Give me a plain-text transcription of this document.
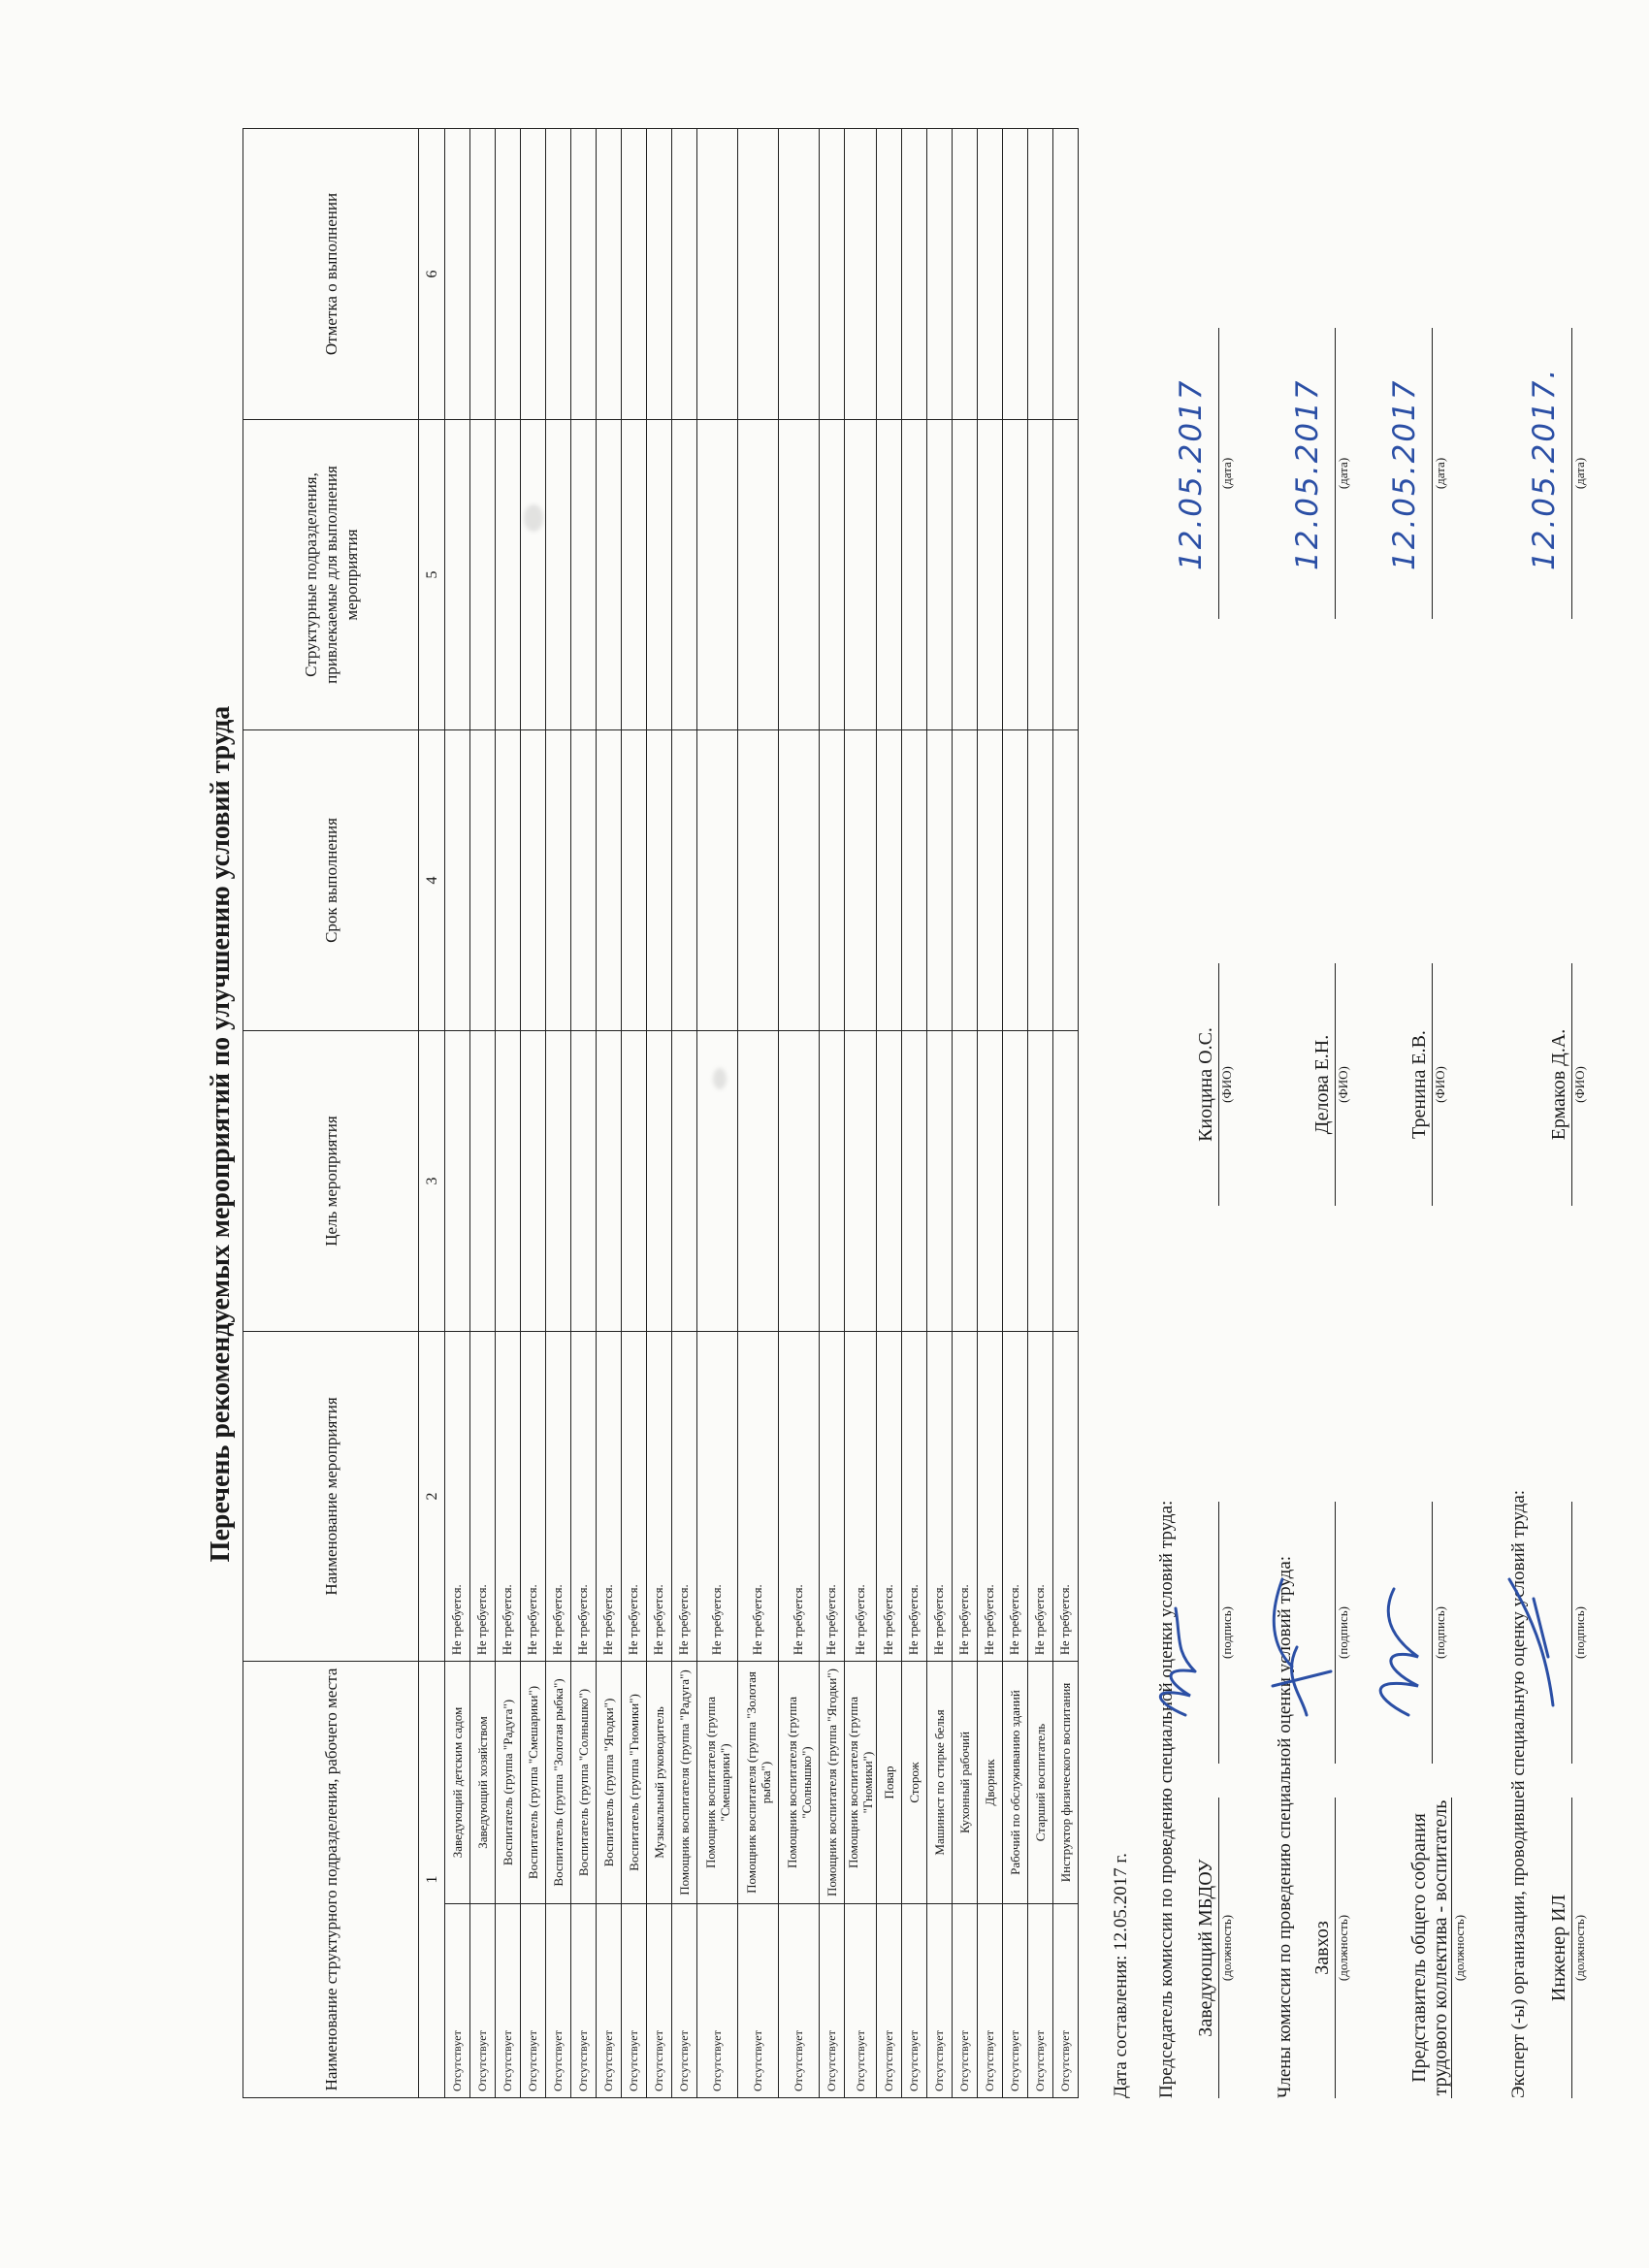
Перечень рекомендуемых мероприятий по улучшению условий труда
Наименование структурного подразделения, рабочего места		Наименование мероприятия	Цель мероприятия	Срок выполнения	Структурные подразделения, привлекаемые для выполнения мероприятия	Отметка о выполнении
1		2	3	4	5	6
Отсутствует	Заведующий детским садом	Не требуется.				
Отсутствует	Заведующий хозяйством	Не требуется.				
Отсутствует	Воспитатель (группа "Радуга")	Не требуется.				
Отсутствует	Воспитатель (группа "Смешарики")	Не требуется.				
Отсутствует	Воспитатель (группа "Золотая рыбка")	Не требуется.				
Отсутствует	Воспитатель (группа "Солнышко")	Не требуется.				
Отсутствует	Воспитатель (группа "Ягодки")	Не требуется.				
Отсутствует	Воспитатель (группа "Гномики")	Не требуется.				
Отсутствует	Музыкальный руководитель	Не требуется.				
Отсутствует	Помощник воспитателя (группа "Радуга")	Не требуется.				
Отсутствует	Помощник воспитателя (группа "Смешарики")	Не требуется.				
Отсутствует	Помощник воспитателя (группа "Золотая рыбка")	Не требуется.				
Отсутствует	Помощник воспитателя (группа "Солнышко")	Не требуется.				
Отсутствует	Помощник воспитателя (группа "Ягодки")	Не требуется.				
Отсутствует	Помощник воспитателя (группа "Гномики")	Не требуется.				
Отсутствует	Повар	Не требуется.				
Отсутствует	Сторож	Не требуется.				
Отсутствует	Машинист по стирке белья	Не требуется.				
Отсутствует	Кухонный рабочий	Не требуется.				
Отсутствует	Дворник	Не требуется.				
Отсутствует	Рабочий по обслуживанию зданий	Не требуется.				
Отсутствует	Старший воспитатель	Не требуется.				
Отсутствует	Инструктор физического воспитания	Не требуется.				
Дата составления: 12.05.2017 г. Председатель комиссии по проведению специальной оценки условий труда:	Члены комиссии по проведению специальной оценки условий труда:	Эксперт (-ы) организации, проводившей специальную оценку условий труда:
Заведующий МБДОУ (должность)
(подпись)
Киоцина О.С. (ФИО)
(дата)
12.05.2017
Завхоз (должность)
(подпись)
Делова Е.Н. (ФИО)
(дата)
12.05.2017
Представитель общего собрания трудового коллектива - воспитатель (должность)
(подпись)
Тренина Е.В. (ФИО)
(дата)
12.05.2017
Инженер ИЛ (должность)
(подпись)
Ермаков Д.А. (ФИО)
(дата)
12.05.2017.
